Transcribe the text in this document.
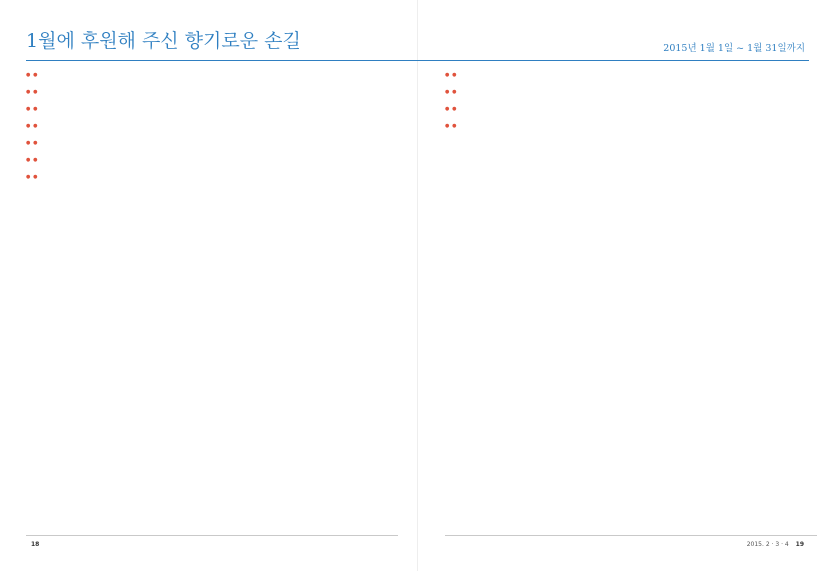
1월에 후원해 주신 향기로운 손길	2015년 1월 1일 ~ 1월 31일까지
● ●
● ●
● ●
● ●
● ●
● ●
● ●
● ●
● ●
● ●
● ●
18	2015. 2 · 3 · 4 19
